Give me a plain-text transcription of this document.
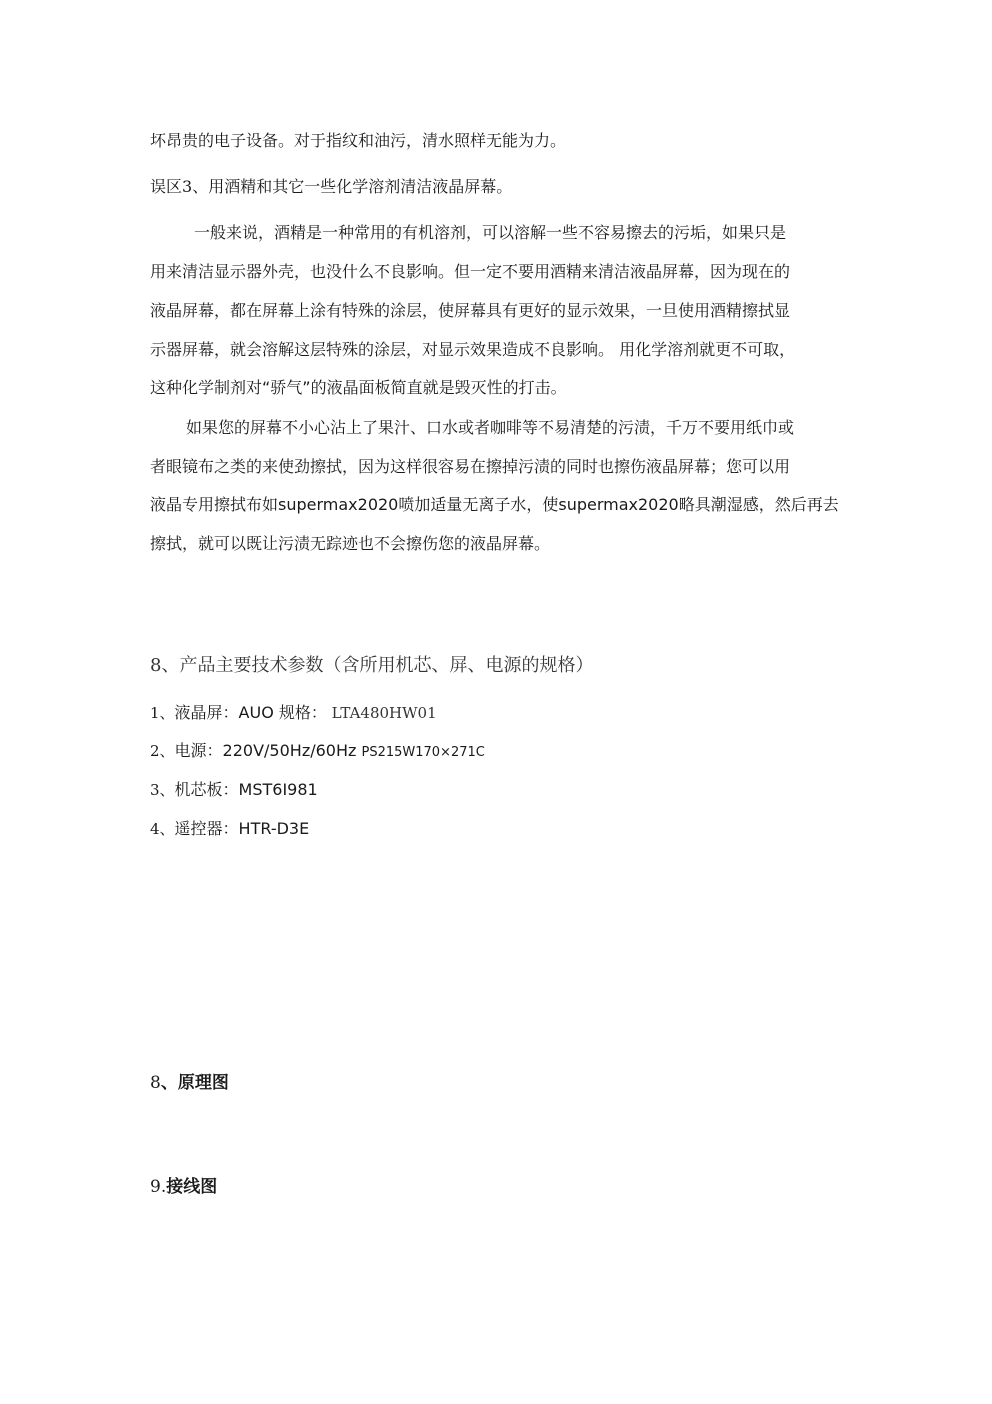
坏昂贵的电子设备。对于指纹和油污，清水照样无能为力。
误区3、用酒精和其它一些化学溶剂清洁液晶屏幕。
一般来说，酒精是一种常用的有机溶剂，可以溶解一些不容易擦去的污垢，如果只是
用来清洁显示器外壳，也没什么不良影响。但一定不要用酒精来清洁液晶屏幕，因为现在的
液晶屏幕，都在屏幕上涂有特殊的涂层，使屏幕具有更好的显示效果，一旦使用酒精擦拭显
示器屏幕，就会溶解这层特殊的涂层，对显示效果造成不良影响。 用化学溶剂就更不可取，
这种化学制剂对“骄气”的液晶面板简直就是毁灭性的打击。
如果您的屏幕不小心沾上了果汁、口水或者咖啡等不易清楚的污渍，千万不要用纸巾或
者眼镜布之类的来使劲擦拭，因为这样很容易在擦掉污渍的同时也擦伤液晶屏幕；您可以用
液晶专用擦拭布如supermax2020喷加适量无离子水，使supermax2020略具潮湿感，然后再去
擦拭，就可以既让污渍无踪迹也不会擦伤您的液晶屏幕。
8、产品主要技术参数（含所用机芯、屏、电源的规格）
1、液晶屏：AUO 规格： LTA480HW01
2、电源：220V/50Hz/60Hz PS215W170×271C
3、机芯板：MST6I981
4、遥控器：HTR-D3E
8、原理图
9.接线图
